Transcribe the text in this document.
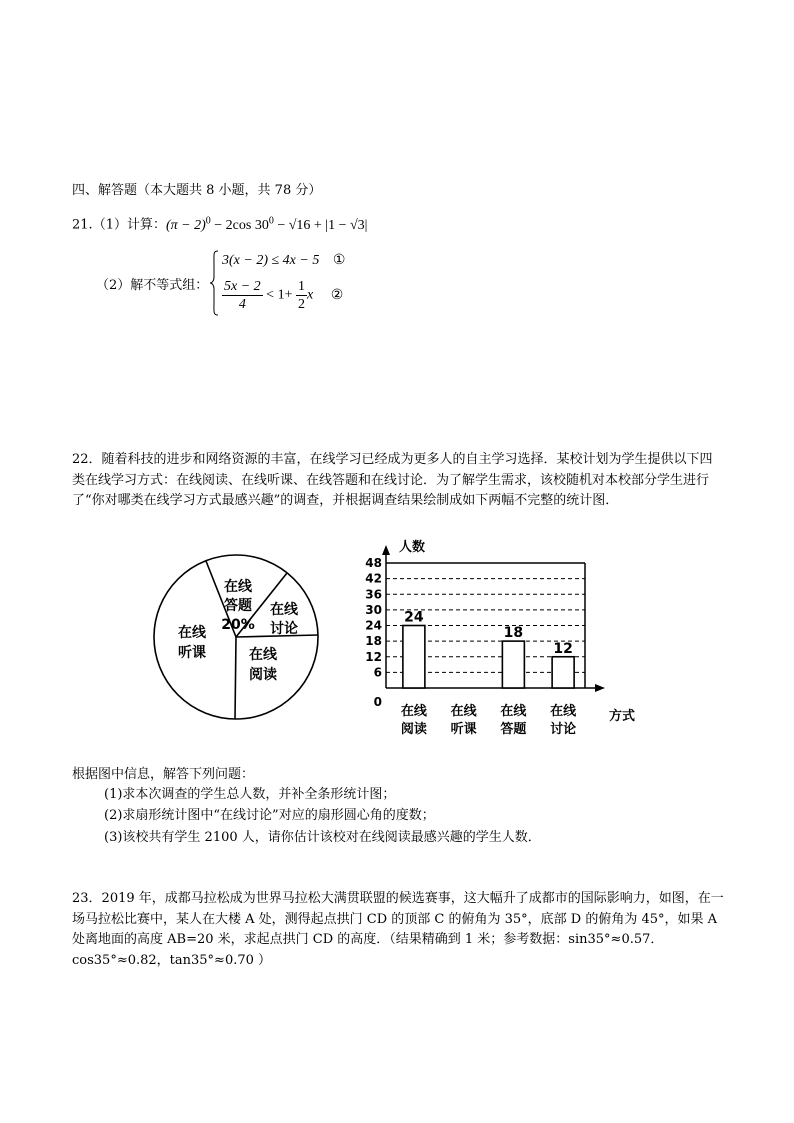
四、解答题（本大题共 8 小题，共 78 分）
21.（1）计算：$(\pi - 2)^0 - 2\cos$ $30^0 - √16 + |1 - √3|$
（2）解不等式组：
3(x − 2) ≤ 4x − 5 ①
$\frac{5x - 2}{4} < 1+ \frac{1}{2}$ x ②
22．随着科技的进步和网络资源的丰富，在线学习已经成为更多人的自主学习选择．某校计划为学生提供以下四类在线学习方式：在线阅读、在线听课、在线答题和在线讨论．为了解学生需求，该校随机对本校部分学生进行了“你对哪类在线学习方式最感兴趣”的调查，并根据调查结果绘制成如下两幅不完整的统计图．
在线
答题
20%
在线
讨论
在线
阅读
在线
听课
0
6
12
18
24
30
36
42
48
24
18
12
在线
阅读
在线
听课
在线
答题
在线
讨论
人数
方式
根据图中信息，解答下列问题：
(1)求本次调查的学生总人数，并补全条形统计图；
(2)求扇形统计图中“在线讨论”对应的扇形圆心角的度数；
(3)该校共有学生 2100 人，请你估计该校对在线阅读最感兴趣的学生人数．
23．2019 年，成都马拉松成为世界马拉松大满贯联盟的候选赛事，这大幅升了成都市的国际影响力，如图，在一场马拉松比赛中，某人在大楼 A 处，测得起点拱门 CD 的顶部 C 的俯角为 35°，底部 D 的俯角为 45°，如果 A 处离地面的高度 AB=20 米，求起点拱门 CD 的高度．（结果精确到 1 米；参考数据：sin35°≈0.57．cos35°≈0.82，tan35°≈0.70 ）
